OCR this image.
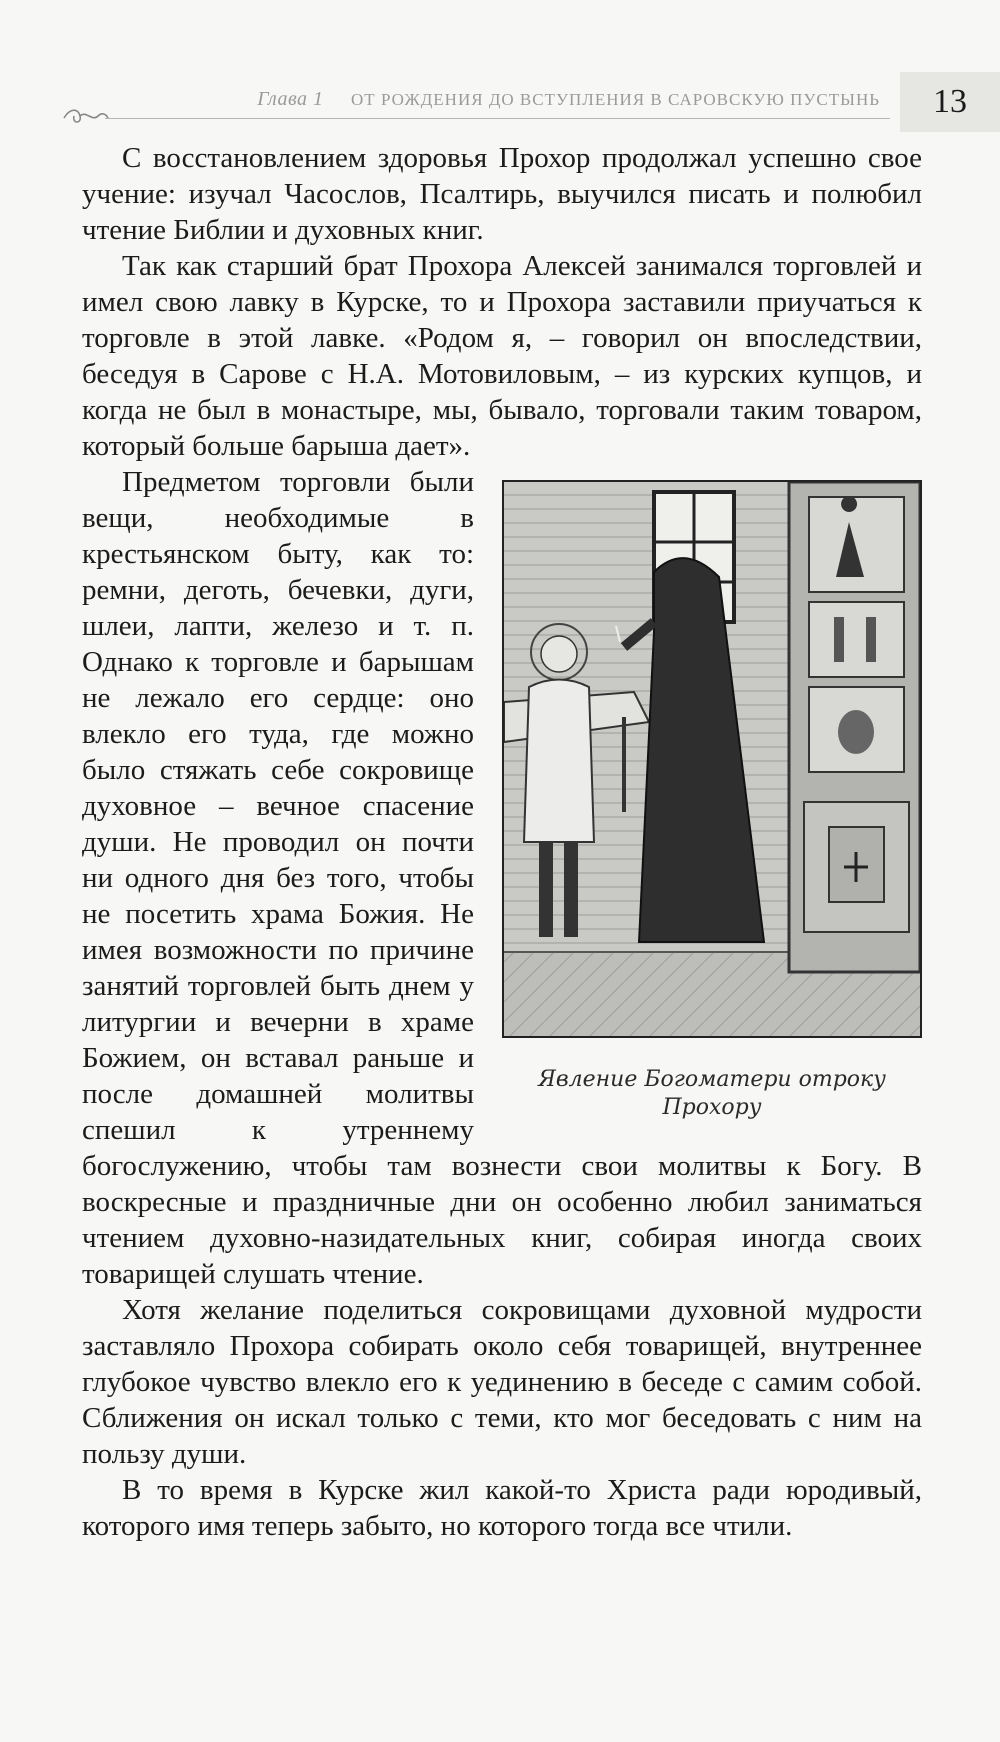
Глава 1 ОТ РОЖДЕНИЯ ДО ВСТУПЛЕНИЯ В САРОВСКУЮ ПУСТЫНЬ	13

С восстановлением здоровья Прохор продолжал успешно свое учение: изучал Часослов, Псалтирь, выучился писать и полюбил чтение Библии и духовных книг.

Так как старший брат Прохора Алексей занимался торговлей и имел свою лавку в Курске, то и Прохора заставили приучаться к торговле в этой лавке. «Родом я, – говорил он впоследствии, беседуя в Сарове с Н.А. Мотовиловым, – из курских купцов, и когда не был в монастыре, мы, бывало, торговали таким товаром, который больше барыша дает».

Явление Богоматери отроку Прохору

Предметом торговли были вещи, необходимые в крестьянском быту, как то: ремни, деготь, бечевки, дуги, шлеи, лапти, железо и т. п. Однако к торговле и барышам не лежало его сердце: оно влекло его туда, где можно было стяжать себе сокровище духовное – вечное спасение души. Не проводил он почти ни одного дня без того, чтобы не посетить храма Божия. Не имея возможности по причине занятий торговлей быть днем у литургии и вечерни в храме Божием, он вставал раньше и после домашней молитвы спешил к утреннему богослужению, чтобы там вознести свои молитвы к Богу. В воскресные и праздничные дни он особенно любил заниматься чтением духовно-назидательных книг, собирая иногда своих товарищей слушать чтение.

Хотя желание поделиться сокровищами духовной мудрости заставляло Прохора собирать около себя товарищей, внутреннее глубокое чувство влекло его к уединению в беседе с самим собой. Сближения он искал только с теми, кто мог беседовать с ним на пользу души.

В то время в Курске жил какой-то Христа ради юродивый, которого имя теперь забыто, но которого тогда все чтили.
